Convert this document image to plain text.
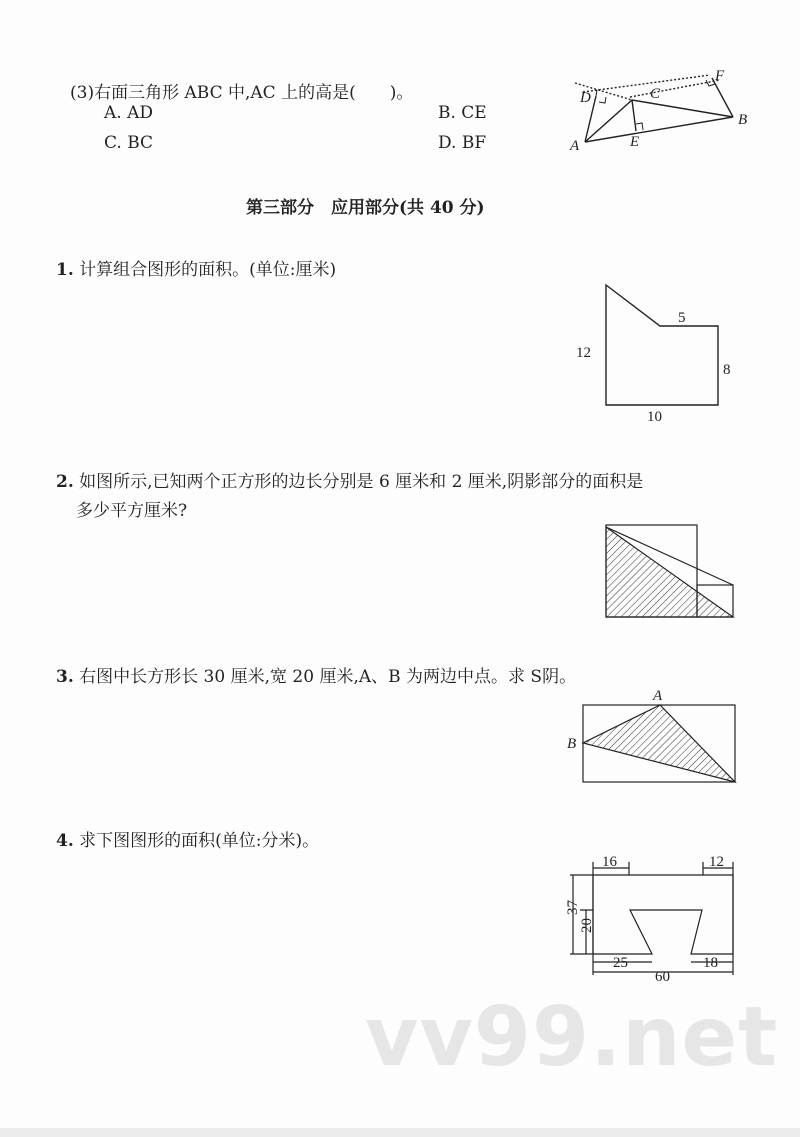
(3)右面三角形 ABC 中,AC 上的高是(　　)。
A. AD	B. CE
C. BC	D. BF	A
B
C
D
E
F
5
12
8
10
A
B
16	12
37
20
25
60
18
第三部分　应用部分(共 40 分)
1. 计算组合图形的面积。(单位:厘米)
2. 如图所示,已知两个正方形的边长分别是 6 厘米和 2 厘米,阴影部分的面积是
多少平方厘米?
3. 右图中长方形长 30 厘米,宽 20 厘米,A、B 为两边中点。求 S阴。
4. 求下图图形的面积(单位:分米)。
vv99.net
